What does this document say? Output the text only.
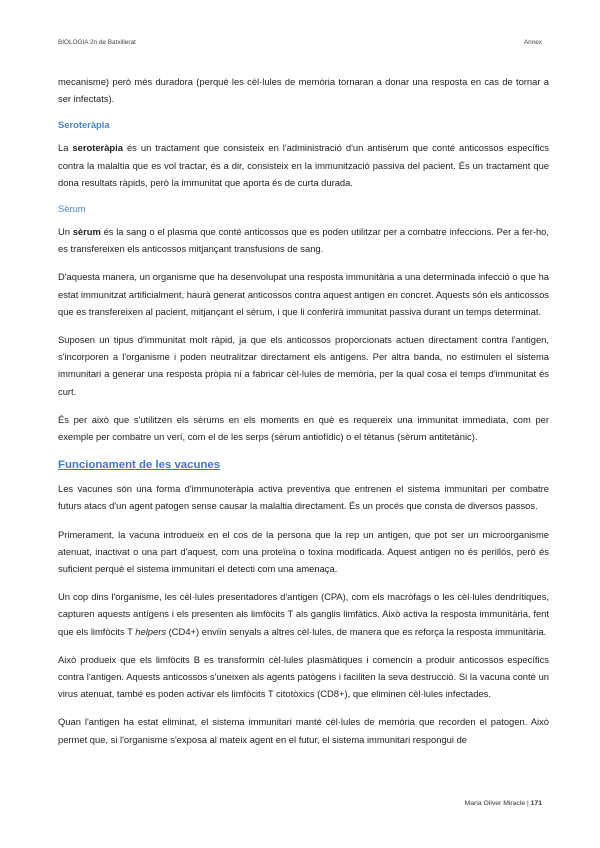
BIOLOGIA 2n de Batxillerat	Annex

mecanisme) però més duradora (perquè les cèl·lules de memòria tornaran a donar una resposta en cas de tornar a ser infectats).

Seroteràpia

La seroteràpia és un tractament que consisteix en l'administració d'un antisèrum que conté anticossos específics contra la malaltia que es vol tractar, és a dir, consisteix en la immunització passiva del pacient. És un tractament que dona resultats ràpids, però la immunitat que aporta és de curta durada.

Sèrum

Un sèrum és la sang o el plasma que conté anticossos que es poden utilitzar per a combatre infeccions. Per a fer-ho, es transfereixen els anticossos mitjançant transfusions de sang.

D'aquesta manera, un organisme que ha desenvolupat una resposta immunitària a una determinada infecció o que ha estat immunitzat artificialment, haurà generat anticossos contra aquest antigen en concret. Aquests són els anticossos que es transfereixen al pacient, mitjançant el sèrum, i que li conferirà immunitat passiva durant un temps determinat.

Suposen un tipus d'immunitat molt ràpid, ja que els anticossos proporcionats actuen directament contra l'antigen, s'incorporen a l'organisme i poden neutralitzar directament els antígens. Per altra banda, no estimulen el sistema immunitari a generar una resposta pròpia ni a fabricar cèl·lules de memòria, per la qual cosa el temps d'immunitat és curt.

És per això que s'utilitzen els sèrums en els moments en què es requereix una immunitat immediata, com per exemple per combatre un verí, com el de les serps (sèrum antiofídic) o el tètanus (sèrum antitetànic).

Funcionament de les vacunes

Les vacunes són una forma d'immunoteràpia activa preventiva que entrenen el sistema immunitari per combatre futurs atacs d'un agent patogen sense causar la malaltia directament. És un procés que consta de diversos passos.

Primerament, la vacuna introdueix en el cos de la persona que la rep un antigen, que pot ser un microorganisme atenuat, inactivat o una part d'aquest, com una proteïna o toxina modificada. Aquest antigen no és perillós, però és suficient perquè el sistema immunitari el detecti com una amenaça.

Un cop dins l'organisme, les cèl·lules presentadores d'antigen (CPA), com els macròfags o les cèl·lules dendrítiques, capturen aquests antígens i els presenten als limfòcits T als ganglis limfàtics. Això activa la resposta immunitària, fent que els limfòcits T helpers (CD4+) enviïn senyals a altres cèl·lules, de manera que es reforça la resposta immunitària.

Això produeix que els limfòcits B es transformin cèl·lules plasmàtiques i comencin a produir anticossos específics contra l'antigen. Aquests anticossos s'uneixen als agents patògens i faciliten la seva destrucció. Si la vacuna conté un virus atenuat, també es poden activar els limfòcits T citotòxics (CD8+), que eliminen cèl·lules infectades.

Quan l'antigen ha estat eliminat, el sistema immunitari manté cèl·lules de memòria que recorden el patogen. Això permet que, si l'organisme s'exposa al mateix agent en el futur, el sistema immunitari respongui de

Maria Oliver Miracle | 171
